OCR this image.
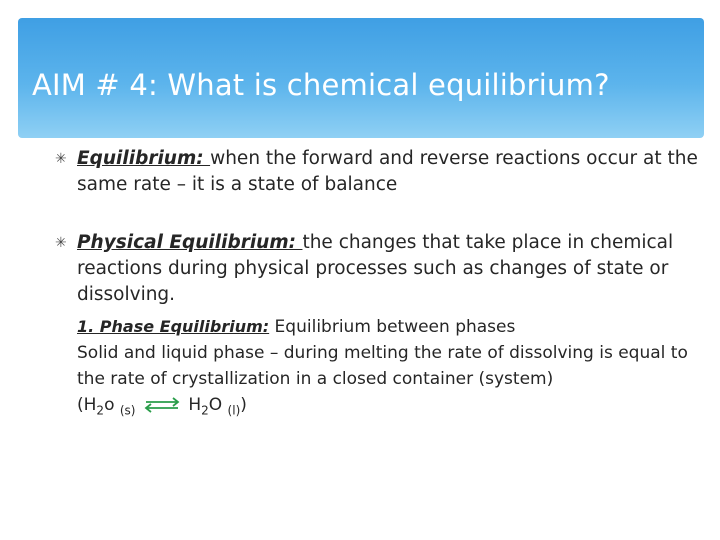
AIM # 4: What is chemical equilibrium?
✳ Equilibrium: when the forward and reverse reactions occur at the same rate – it is a state of balance
✳ Physical Equilibrium: the changes that take place in chemical reactions during physical processes such as changes of state or dissolving.
1. Phase Equilibrium: Equilibrium between phases
Solid and liquid phase – during melting the rate of dissolving is equal to the rate of crystallization in a closed container (system)
($H_2o$ $_{(s)}$ ⇌ $H_2O$ $_{(l)}$)
